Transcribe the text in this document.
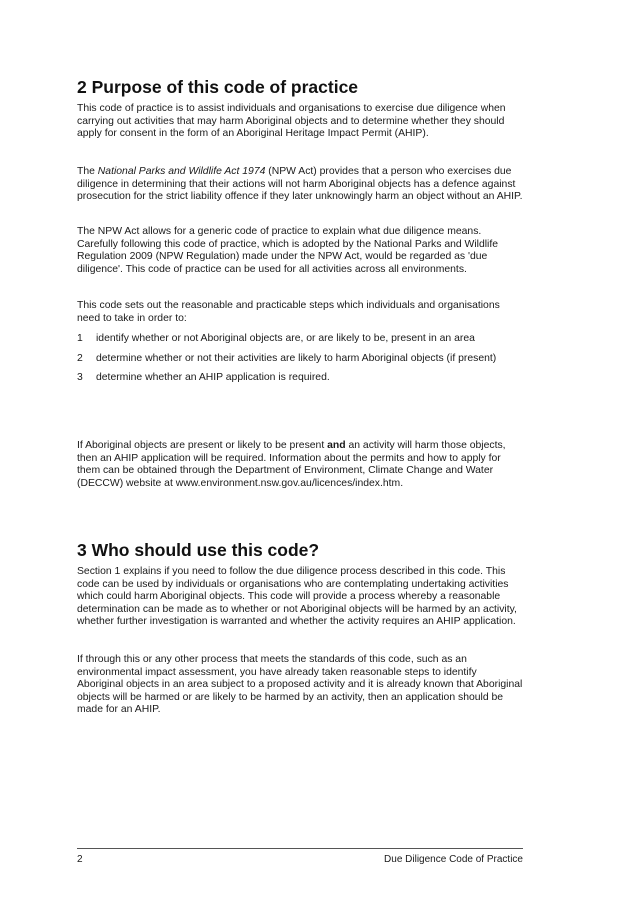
2 Purpose of this code of practice

This code of practice is to assist individuals and organisations to exercise due diligence when carrying out activities that may harm Aboriginal objects and to determine whether they should apply for consent in the form of an Aboriginal Heritage Impact Permit (AHIP).

The National Parks and Wildlife Act 1974 (NPW Act) provides that a person who exercises due diligence in determining that their actions will not harm Aboriginal objects has a defence against prosecution for the strict liability offence if they later unknowingly harm an object without an AHIP.

The NPW Act allows for a generic code of practice to explain what due diligence means. Carefully following this code of practice, which is adopted by the National Parks and Wildlife Regulation 2009 (NPW Regulation) made under the NPW Act, would be regarded as 'due diligence'. This code of practice can be used for all activities across all environments.

This code sets out the reasonable and practicable steps which individuals and organisations need to take in order to:

1 identify whether or not Aboriginal objects are, or are likely to be, present in an area
2 determine whether or not their activities are likely to harm Aboriginal objects (if present)
3 determine whether an AHIP application is required.

If Aboriginal objects are present or likely to be present and an activity will harm those objects, then an AHIP application will be required. Information about the permits and how to apply for them can be obtained through the Department of Environment, Climate Change and Water (DECCW) website at www.environment.nsw.gov.au/licences/index.htm.

3 Who should use this code?

Section 1 explains if you need to follow the due diligence process described in this code. This code can be used by individuals or organisations who are contemplating undertaking activities which could harm Aboriginal objects. This code will provide a process whereby a reasonable determination can be made as to whether or not Aboriginal objects will be harmed by an activity, whether further investigation is warranted and whether the activity requires an AHIP application.

If through this or any other process that meets the standards of this code, such as an environmental impact assessment, you have already taken reasonable steps to identify Aboriginal objects in an area subject to a proposed activity and it is already known that Aboriginal objects will be harmed or are likely to be harmed by an activity, then an application should be made for an AHIP.

2	Due Diligence Code of Practice
